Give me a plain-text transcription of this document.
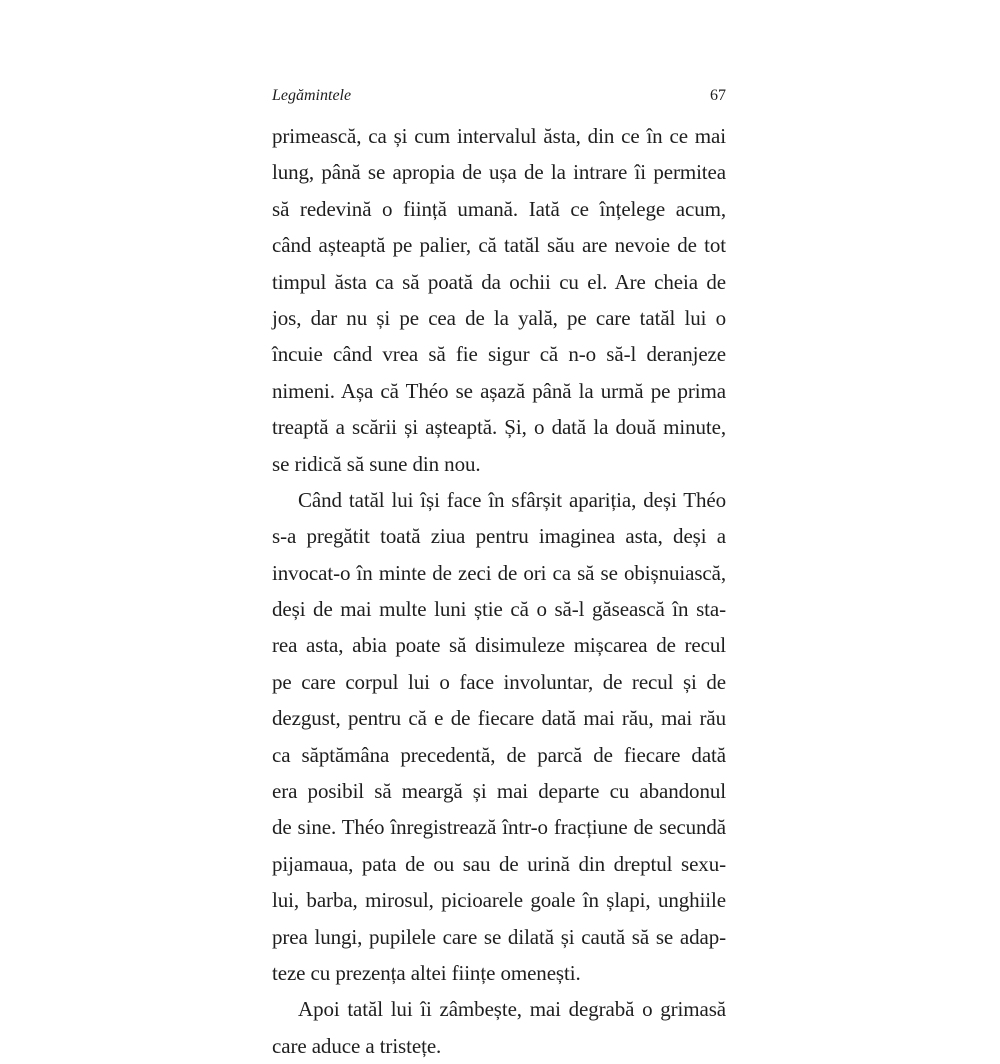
Legămintele	67
primească, ca și cum intervalul ăsta, din ce în ce mai
lung, până se apropia de ușa de la intrare îi permitea
să redevină o ființă umană. Iată ce înțelege acum,
când așteaptă pe palier, că tatăl său are nevoie de tot
timpul ăsta ca să poată da ochii cu el. Are cheia de
jos, dar nu și pe cea de la yală, pe care tatăl lui o
încuie când vrea să fie sigur că n-o să-l deranjeze
nimeni. Așa că Théo se așază până la urmă pe prima
treaptă a scării și așteaptă. Și, o dată la două minute,
se ridică să sune din nou.
Când tatăl lui își face în sfârșit apariția, deși Théo
s-a pregătit toată ziua pentru imaginea asta, deși a
invocat-o în minte de zeci de ori ca să se obișnuiască,
deși de mai multe luni știe că o să-l găsească în sta-
rea asta, abia poate să disimuleze mișcarea de recul
pe care corpul lui o face involuntar, de recul și de
dezgust, pentru că e de fiecare dată mai rău, mai rău
ca săptămâna precedentă, de parcă de fiecare dată
era posibil să meargă și mai departe cu abandonul
de sine. Théo înregistrează într-o fracțiune de secundă
pijamaua, pata de ou sau de urină din dreptul sexu-
lui, barba, mirosul, picioarele goale în șlapi, unghiile
prea lungi, pupilele care se dilată și caută să se adap-
teze cu prezența altei ființe omenești.
Apoi tatăl lui îi zâmbește, mai degrabă o grimasă
care aduce a tristețe.
